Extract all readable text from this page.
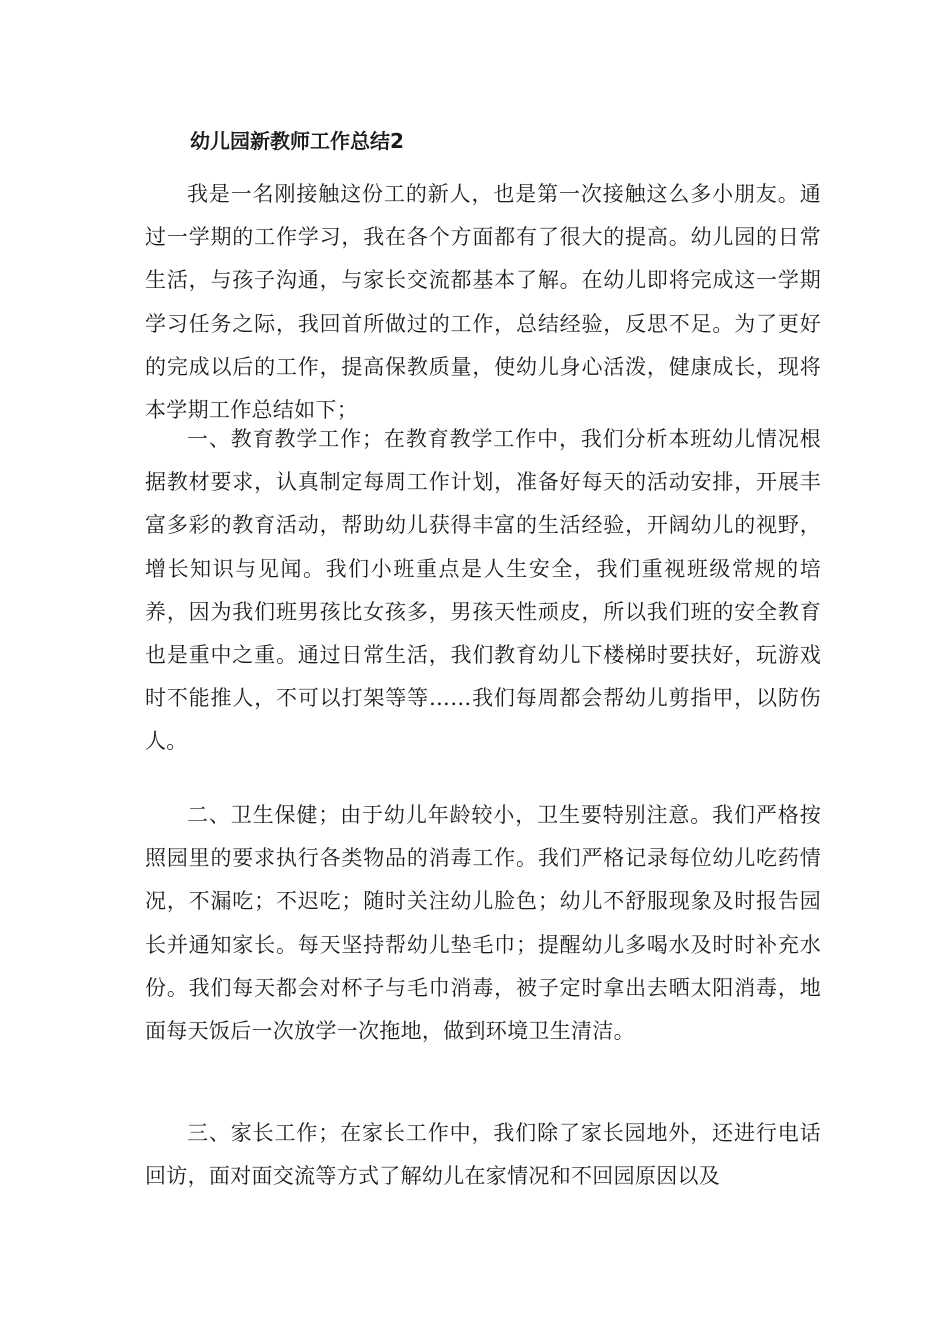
幼儿园新教师工作总结2

我是一名刚接触这份工的新人，也是第一次接触这么多小朋友。通过一学期的工作学习，我在各个方面都有了很大的提高。幼儿园的日常生活，与孩子沟通，与家长交流都基本了解。在幼儿即将完成这一学期学习任务之际，我回首所做过的工作，总结经验，反思不足。为了更好的完成以后的工作，提高保教质量，使幼儿身心活泼，健康成长，现将本学期工作总结如下；

一、教育教学工作；在教育教学工作中，我们分析本班幼儿情况根据教材要求，认真制定每周工作计划，准备好每天的活动安排，开展丰富多彩的教育活动，帮助幼儿获得丰富的生活经验，开阔幼儿的视野，增长知识与见闻。我们小班重点是人生安全，我们重视班级常规的培养，因为我们班男孩比女孩多，男孩天性顽皮，所以我们班的安全教育也是重中之重。通过日常生活，我们教育幼儿下楼梯时要扶好，玩游戏时不能推人，不可以打架等等……我们每周都会帮幼儿剪指甲，以防伤人。

二、卫生保健；由于幼儿年龄较小，卫生要特别注意。我们严格按照园里的要求执行各类物品的消毒工作。我们严格记录每位幼儿吃药情况，不漏吃；不迟吃；随时关注幼儿脸色；幼儿不舒服现象及时报告园长并通知家长。每天坚持帮幼儿垫毛巾；提醒幼儿多喝水及时时补充水份。我们每天都会对杯子与毛巾消毒，被子定时拿出去晒太阳消毒，地面每天饭后一次放学一次拖地，做到环境卫生清洁。

三、家长工作；在家长工作中，我们除了家长园地外，还进行电话回访，面对面交流等方式了解幼儿在家情况和不回园原因以及
